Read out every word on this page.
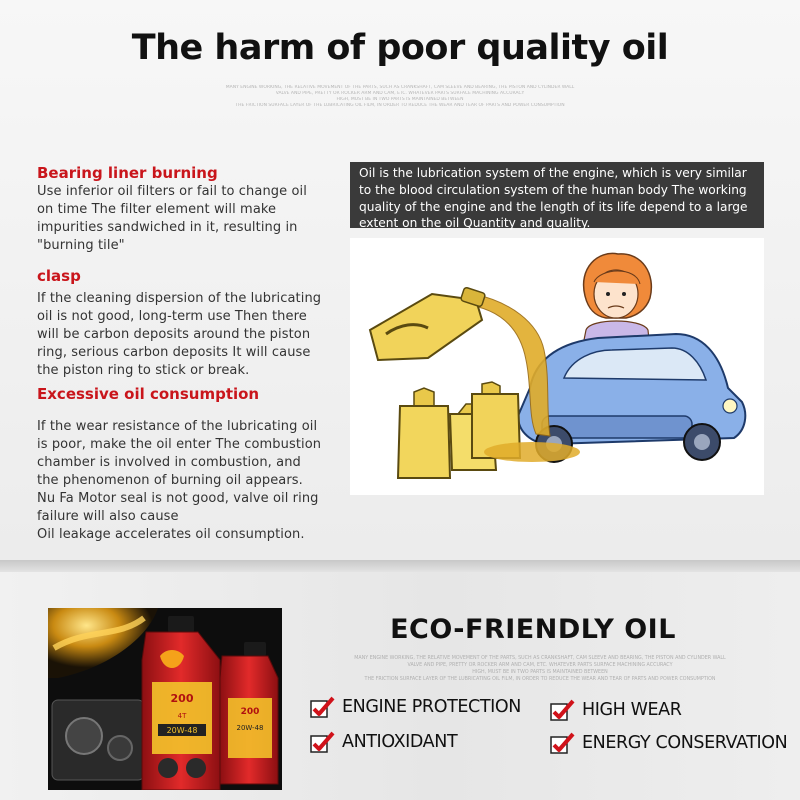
The harm of poor quality oil
MANY ENGINE WORKING, THE RELATIVE MOVEMENT OF THE PARTS, SUCH AS CRANKSHAFT, CAM SLEEVE AND BEARING, THE PISTON AND CYLINDER WALL
VALVE AND PIPE, PRETTY OR ROCKER ARM AND CAM, ETC. WHATEVER PARTS SURFACE MACHINING ACCURACY
HIGH, MUST BE IN TWO PARTS IS MAINTAINED BETWEEN
THE FRICTION SURFACE LAYER OF THE LUBRICATING OIL FILM, IN ORDER TO REDUCE THE WEAR AND TEAR OF PARTS AND POWER CONSUMPTION
Bearing liner burning
Use inferior oil filters or fail to change oil
on time The filter element will make
impurities sandwiched in it, resulting in
"burning tile"
clasp
If the cleaning dispersion of the lubricating
oil is not good, long-term use Then there
will be carbon deposits around the piston
ring, serious carbon deposits It will cause
the piston ring to stick or break.
Excessive oil consumption
If the wear resistance of the lubricating oil
is poor, make the oil enter The combustion
chamber is involved in combustion, and
the phenomenon of burning oil appears.
Nu Fa Motor seal is not good, valve oil ring
failure will also cause
Oil leakage accelerates oil consumption.
Oil is the lubrication system of the engine, which is very similar
to the blood circulation system of the human body The working
quality of the engine and the length of its life depend to a large
extent on the oil Quantity and quality.
200
20W-48
200
4T
20W-48
ECO-FRIENDLY OIL
MANY ENGINE WORKING, THE RELATIVE MOVEMENT OF THE PARTS, SUCH AS CRANKSHAFT, CAM SLEEVE AND BEARING, THE PISTON AND CYLINDER WALL
VALVE AND PIPE, PRETTY OR ROCKER ARM AND CAM, ETC. WHATEVER PARTS SURFACE MACHINING ACCURACY
HIGH, MUST BE IN TWO PARTS IS MAINTAINED BETWEEN
THE FRICTION SURFACE LAYER OF THE LUBRICATING OIL FILM, IN ORDER TO REDUCE THE WEAR AND TEAR OF PARTS AND POWER CONSUMPTION
ENGINE PROTECTION	HIGH WEAR
ANTIOXIDANT	ENERGY CONSERVATION
